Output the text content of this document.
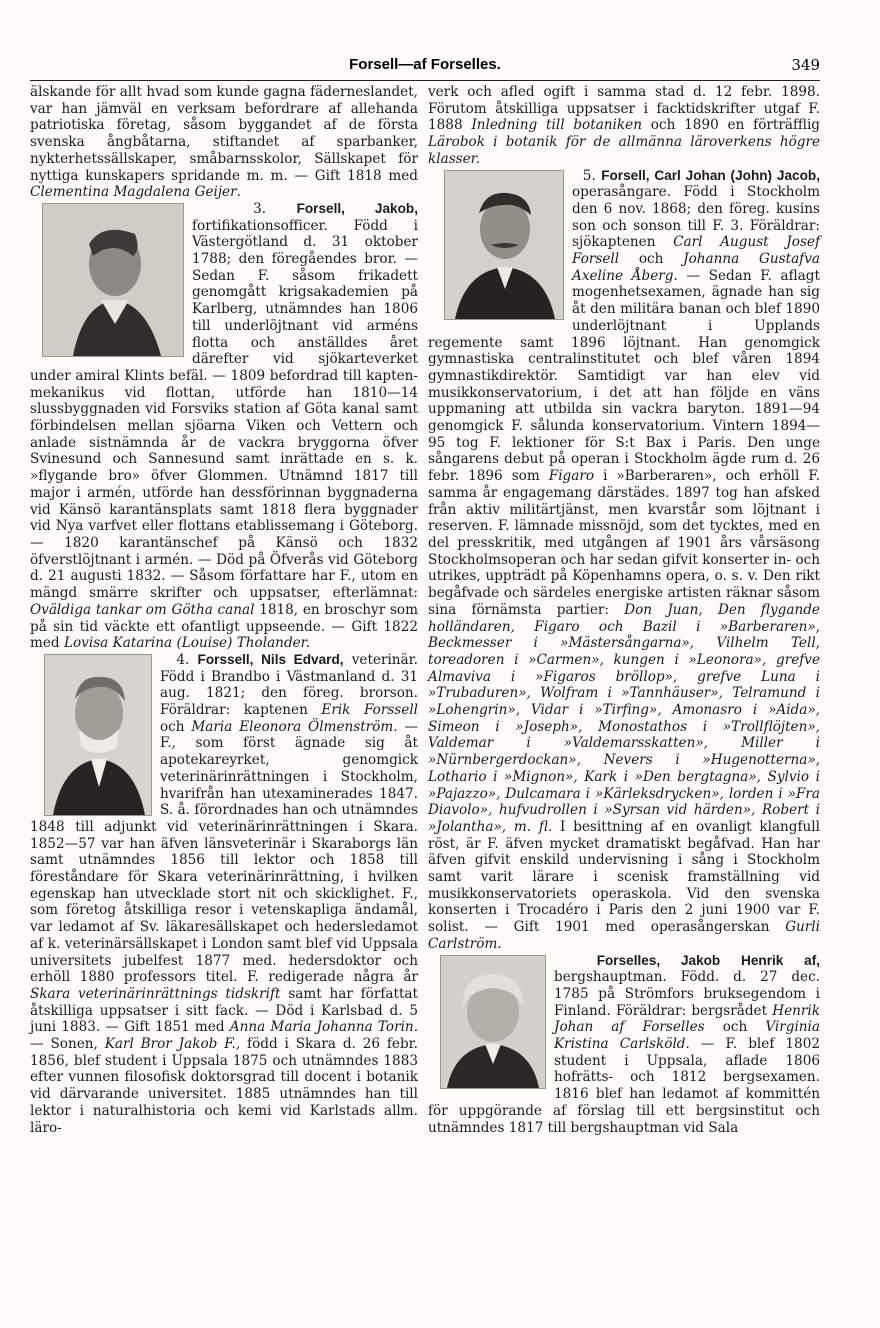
Forsell—af Forselles.	349

älskande för allt hvad som kunde gagna fäderneslandet, var han jämväl en verksam befordrare af allehanda patriotiska företag, såsom byggandet af de första svenska ångbåtarna, stiftandet af sparbanker, nykterhetssällskaper, småbarnsskolor, Sällskapet för nyttiga kunskapers spridande m. m. — Gift 1818 med Clementina Magdalena Geijer.

3. Forsell, Jakob,
fortifikationsofficer. Född i Västergötland d. 31 oktober 1788; den föregåendes bror. — Sedan F. såsom frikadett genomgått krigsakademien på Karlberg, utnämndes han 1806 till underlöjtnant vid arméns flotta och anställdes året därefter vid sjökarteverket under amiral Klints befäl. — 1809 befordrad till kapten-mekanikus vid flottan, utförde han 1810—14 slussbyggnaden vid Forsviks station af Göta kanal samt förbindelsen mellan sjöarna Viken och Vettern och anlade sistnämnda år de vackra bryggorna öfver Svinesund och Sannesund samt inrättade en s. k. »flygande bro» öfver Glommen. Utnämnd 1817 till major i armén, utförde han dessförinnan byggnaderna vid Känsö karantänsplats samt 1818 flera byggnader vid Nya varfvet eller flottans etablissemang i Göteborg. — 1820 karantänschef på Känsö och 1832 öfverstlöjtnant i armén. — Död på Öfverås vid Göteborg d. 21 augusti 1832. — Såsom författare har F., utom en mängd smärre skrifter och uppsatser, efterlämnat: Oväldiga tankar om Götha canal 1818, en broschyr som på sin tid väckte ett ofantligt uppseende. — Gift 1822 med Lovisa Katarina (Louise) Tholander.

4. Forssell, Nils Edvard, veterinär. Född i Brandbo i Västmanland d. 31 aug. 1821; den föreg. brorson. Föräldrar: kaptenen Erik Forssell och Maria Eleonora Ölmenström. — F., som först ägnade sig åt apotekareyrket, genomgick veterinärinrättningen i Stockholm, hvarifrån han utexaminerades 1847. S. å. förordnades han och utnämndes 1848 till adjunkt vid veterinärinrättningen i Skara. 1852—57 var han äfven länsveterinär i Skaraborgs län samt utnämndes 1856 till lektor och 1858 till föreståndare för Skara veterinärinrättning, i hvilken egenskap han utvecklade stort nit och skicklighet. F., som företog åtskilliga resor i vetenskapliga ändamål, var ledamot af Sv. läkaresällskapet och hedersledamot af k. veterinärsällskapet i London samt blef vid Uppsala universitets jubelfest 1877 med. hedersdoktor och erhöll 1880 professors titel. F. redigerade några år Skara veterinärinrättnings tidskrift samt har författat åtskilliga uppsatser i sitt fack. — Död i Karlsbad d. 5 juni 1883. — Gift 1851 med Anna Maria Johanna Torin. — Sonen, Karl Bror Jakob F., född i Skara d. 26 febr. 1856, blef student i Uppsala 1875 och utnämndes 1883 efter vunnen filosofisk doktorsgrad till docent i botanik vid därvarande universitet. 1885 utnämndes han till lektor i naturalhistoria och kemi vid Karlstads allm. läro-

verk och afled ogift i samma stad d. 12 febr. 1898. Förutom åtskilliga uppsatser i facktidskrifter utgaf F. 1888 Inledning till botaniken och 1890 en förträfflig Lärobok i botanik för de allmänna läroverkens högre klasser.

5. Forsell, Carl Johan (John) Jacob,
operasångare. Född i Stockholm den 6 nov. 1868; den föreg. kusins son och sonson till F. 3. Föräldrar: sjökaptenen Carl August Josef Forsell och Johanna Gustafva Axeline Åberg. — Sedan F. aflagt mogenhetsexamen, ägnade han sig åt den militära banan och blef 1890 underlöjtnant i Upplands regemente samt 1896 löjtnant. Han genomgick gymnastiska centralinstitutet och blef våren 1894 gymnastikdirektör. Samtidigt var han elev vid musikkonservatorium, i det att han följde en väns uppmaning att utbilda sin vackra baryton. 1891—94 genomgick F. sålunda konservatorium. Vintern 1894—95 tog F. lektioner för S:t Bax i Paris. Den unge sångarens debut på operan i Stockholm ägde rum d. 26 febr. 1896 som Figaro i »Barberaren», och erhöll F. samma år engagemang därstädes. 1897 tog han afsked från aktiv militärtjänst, men kvarstår som löjtnant i reserven. F. lämnade missnöjd, som det tycktes, med en del presskritik, med utgången af 1901 års vårsäsong Stockholmsoperan och har sedan gifvit konserter in- och utrikes, uppträdt på Köpenhamns opera, o. s. v. Den rikt begåfvade och särdeles energiske artisten räknar såsom sina förnämsta partier: Don Juan, Den flygande holländaren, Figaro och Bazil i »Barberaren», Beckmesser i »Mästersångarna», Vilhelm Tell, toreadoren i »Carmen», kungen i »Leonora», grefve Almaviva i »Figaros bröllop», grefve Luna i »Trubaduren», Wolfram i »Tannhäuser», Telramund i »Lohengrin», Vidar i »Tirfing», Amonasro i »Aida», Simeon i »Joseph», Monostathos i »Trollflöjten», Valdemar i »Valdemarsskatten», Miller i »Nürnbergerdockan», Nevers i »Hugenotterna», Lothario i »Mignon», Kark i »Den bergtagna», Sylvio i »Pajazzo», Dulcamara i »Kärleksdrycken», lorden i »Fra Diavolo», hufvudrollen i »Syrsan vid härden», Robert i »Jolantha», m. fl. I besittning af en ovanligt klangfull röst, är F. äfven mycket dramatiskt begåfvad. Han har äfven gifvit enskild undervisning i sång i Stockholm samt varit lärare i scenisk framställning vid musikkonservatoriets operaskola. Vid den svenska konserten i Trocadéro i Paris den 2 juni 1900 var F. solist. — Gift 1901 med operasångerskan Gurli Carlström.

Forselles, Jakob Henrik af,
bergshauptman. Född. d. 27 dec. 1785 på Strömfors bruksegendom i Finland. Föräldrar: bergsrådet Henrik Johan af Forselles och Virginia Kristina Carlsköld. — F. blef 1802 student i Uppsala, aflade 1806 hofrätts- och 1812 bergsexamen. 1816 blef han ledamot af kommittén för uppgörande af förslag till ett bergsinstitut och utnämndes 1817 till bergshauptman vid Sala
